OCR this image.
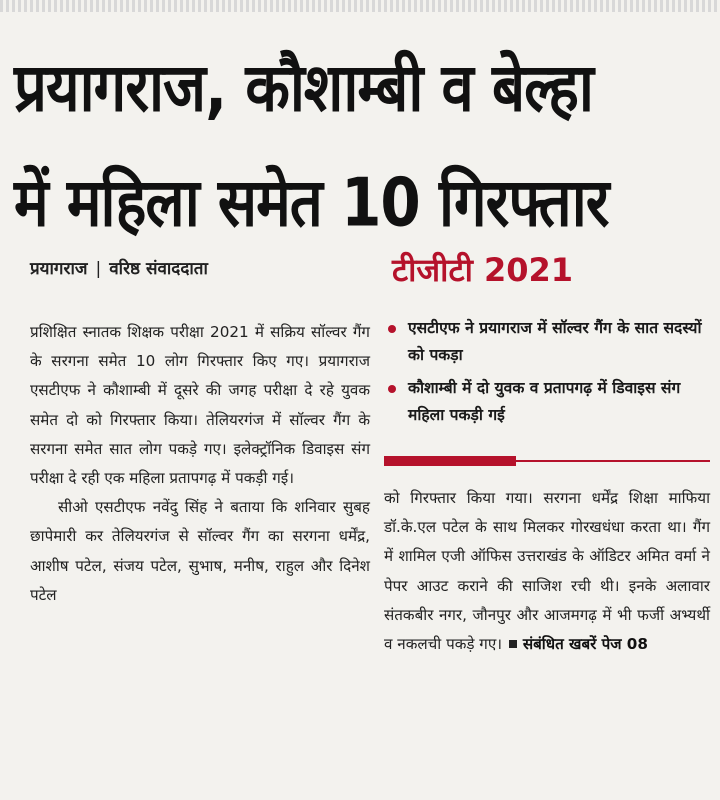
प्रयागराज, कौशाम्बी व बेल्हा
में महिला समेत 10 गिरफ्तार
प्रयागराज | वरिष्ठ संवाददाता	टीजीटी 2021

प्रशिक्षित स्नातक शिक्षक परीक्षा 2021 में सक्रिय सॉल्वर गैंग के सरगना समेत 10 लोग गिरफ्तार किए गए। प्रयागराज एसटीएफ ने कौशाम्बी में दूसरे की जगह परीक्षा दे रहे युवक समेत दो को गिरफ्तार किया। तेलियरगंज में सॉल्वर गैंग के सरगना समेत सात लोग पकड़े गए। इलेक्ट्रॉनिक डिवाइस संग परीक्षा दे रही एक महिला प्रतापगढ़ में पकड़ी गई।

सीओ एसटीएफ नवेंदु सिंह ने बताया कि शनिवार सुबह छापेमारी कर तेलियरगंज से सॉल्वर गैंग का सरगना धर्मेंद्र, आशीष पटेल, संजय पटेल, सुभाष, मनीष, राहुल और दिनेश पटेल

एसटीएफ ने प्रयागराज में सॉल्वर गैंग के सात सदस्यों को पकड़ा
कौशाम्बी में दो युवक व प्रतापगढ़ में डिवाइस संग महिला पकड़ी गई

को गिरफ्तार किया गया। सरगना धर्मेंद्र शिक्षा माफिया डॉ.के.एल पटेल के साथ मिलकर गोरखधंधा करता था। गैंग में शामिल एजी ऑफिस उत्तराखंड के ऑडिटर अमित वर्मा ने पेपर आउट कराने की साजिश रची थी। इनके अलावार संतकबीर नगर, जौनपुर और आजमगढ़ में भी फर्जी अभ्यर्थी व नकलची पकड़े गए। संबंधित खबरें पेज 08
